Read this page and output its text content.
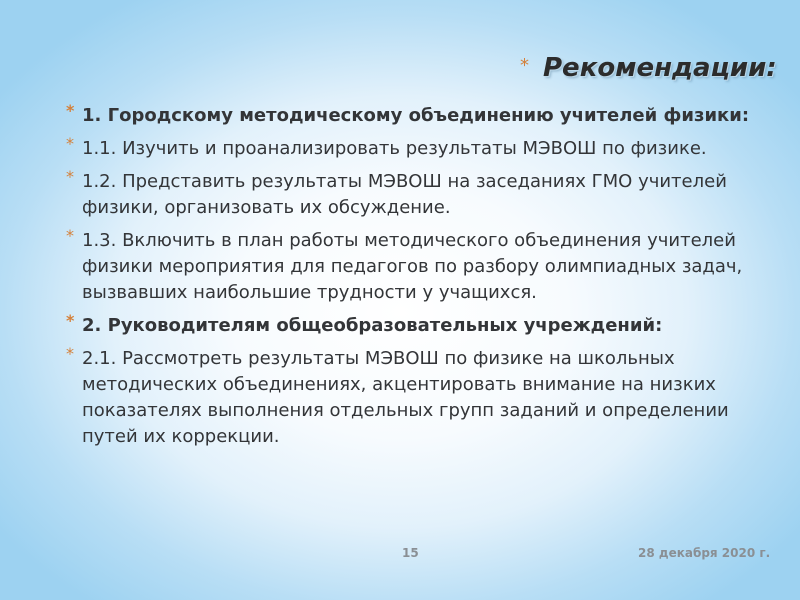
* Рекомендации:
* 1. Городскому методическому объединению учителей физики:
* 1.1. Изучить и проанализировать результаты МЭВОШ по физике.
* 1.2. Представить результаты МЭВОШ на заседаниях ГМО учителей
физики, организовать их обсуждение.
* 1.3. Включить в план работы методического объединения учителей
физики мероприятия для педагогов по разбору олимпиадных задач,
вызвавших наибольшие трудности у учащихся.
* 2. Руководителям общеобразовательных учреждений:
* 2.1. Рассмотреть результаты МЭВОШ по физике на школьных
методических объединениях, акцентировать внимание на низких
показателях выполнения отдельных групп заданий и определении
путей их коррекции.
15	28 декабря 2020 г.
